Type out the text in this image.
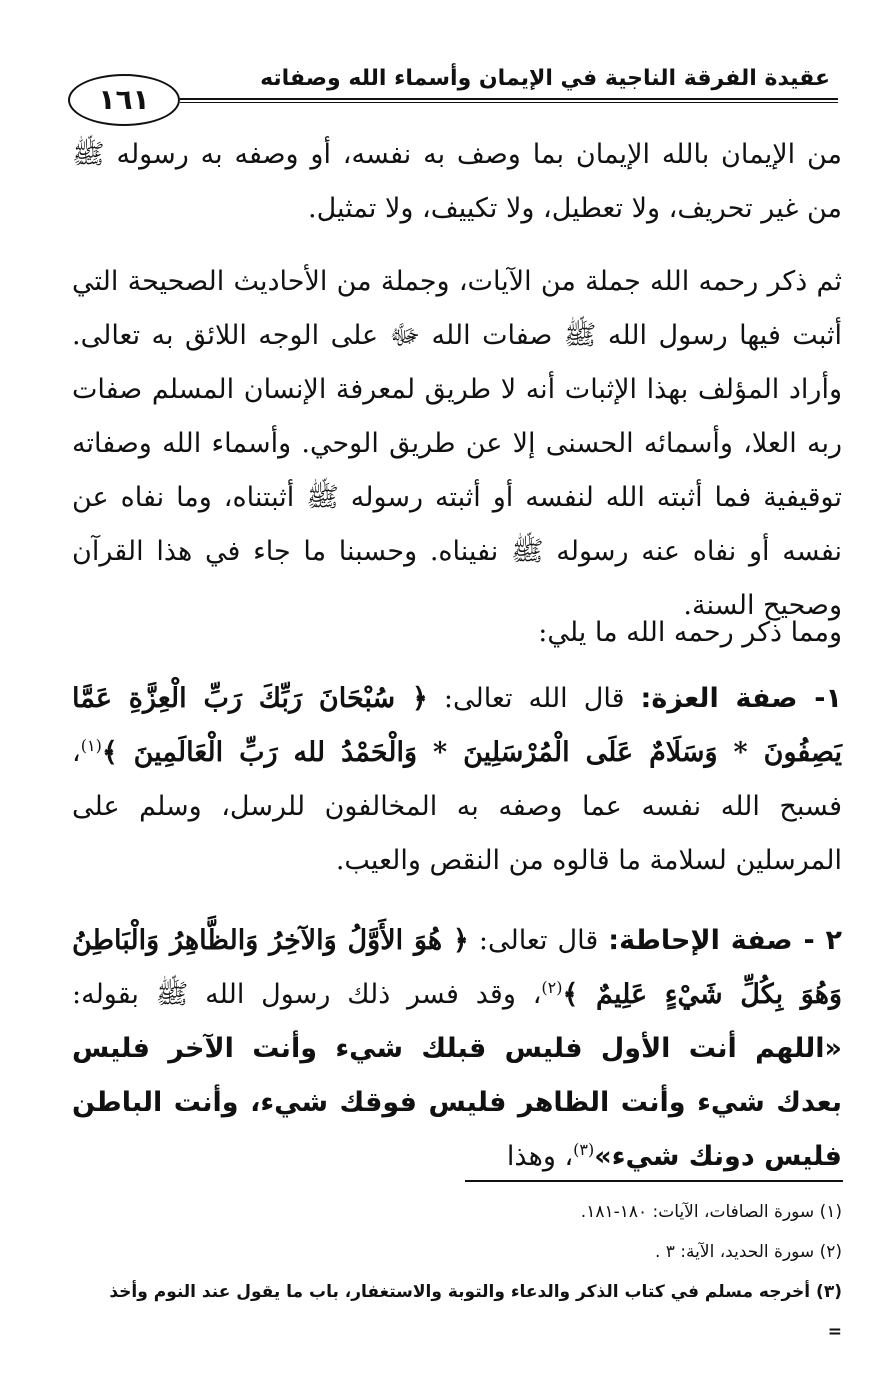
عقيدة الفرقة الناجية في الإيمان وأسماء الله وصفاته
١٦١

من الإيمان بالله الإيمان بما وصف به نفسه، أو وصفه به رسوله ﷺ من غير تحريف، ولا تعطيل، ولا تكييف، ولا تمثيل.

ثم ذكر رحمه الله جملة من الآيات، وجملة من الأحاديث الصحيحة التي أثبت فيها رسول الله ﷺ صفات الله ﷻ على الوجه اللائق به تعالى. وأراد المؤلف بهذا الإثبات أنه لا طريق لمعرفة الإنسان المسلم صفات ربه العلا، وأسمائه الحسنى إلا عن طريق الوحي. وأسماء الله وصفاته توقيفية فما أثبته الله لنفسه أو أثبته رسوله ﷺ أثبتناه، وما نفاه عن نفسه أو نفاه عنه رسوله ﷺ نفيناه. وحسبنا ما جاء في هذا القرآن وصحيح السنة.

ومما ذكر رحمه الله ما يلي:

١- صفة العزة: قال الله تعالى: ﴿ سُبْحَانَ رَبِّكَ رَبِّ الْعِزَّةِ عَمَّا يَصِفُونَ * وَسَلَامٌ عَلَى الْمُرْسَلِينَ * وَالْحَمْدُ لله رَبِّ الْعَالَمِينَ ﴾$^{(١)}$، فسبح الله نفسه عما وصفه به المخالفون للرسل، وسلم على المرسلين لسلامة ما قالوه من النقص والعيب.

٢ - صفة الإحاطة: قال تعالى: ﴿ هُوَ الأَوَّلُ وَالآخِرُ وَالظَّاهِرُ وَالْبَاطِنُ وَهُوَ بِكُلِّ شَيْءٍ عَلِيمٌ ﴾$^{(٢)}$، وقد فسر ذلك رسول الله ﷺ بقوله: «اللهم أنت الأول فليس قبلك شيء وأنت الآخر فليس بعدك شيء وأنت الظاهر فليس فوقك شيء، وأنت الباطن فليس دونك شيء»$^{(٣)}$، وهذا

(١) سورة الصافات، الآيات: ١٨٠-١٨١.
(٢) سورة الحديد، الآية: ٣ .
(٣) أخرجه مسلم في كتاب الذكر والدعاء والتوبة والاستغفار، باب ما يقول عند النوم وأخذ
=
